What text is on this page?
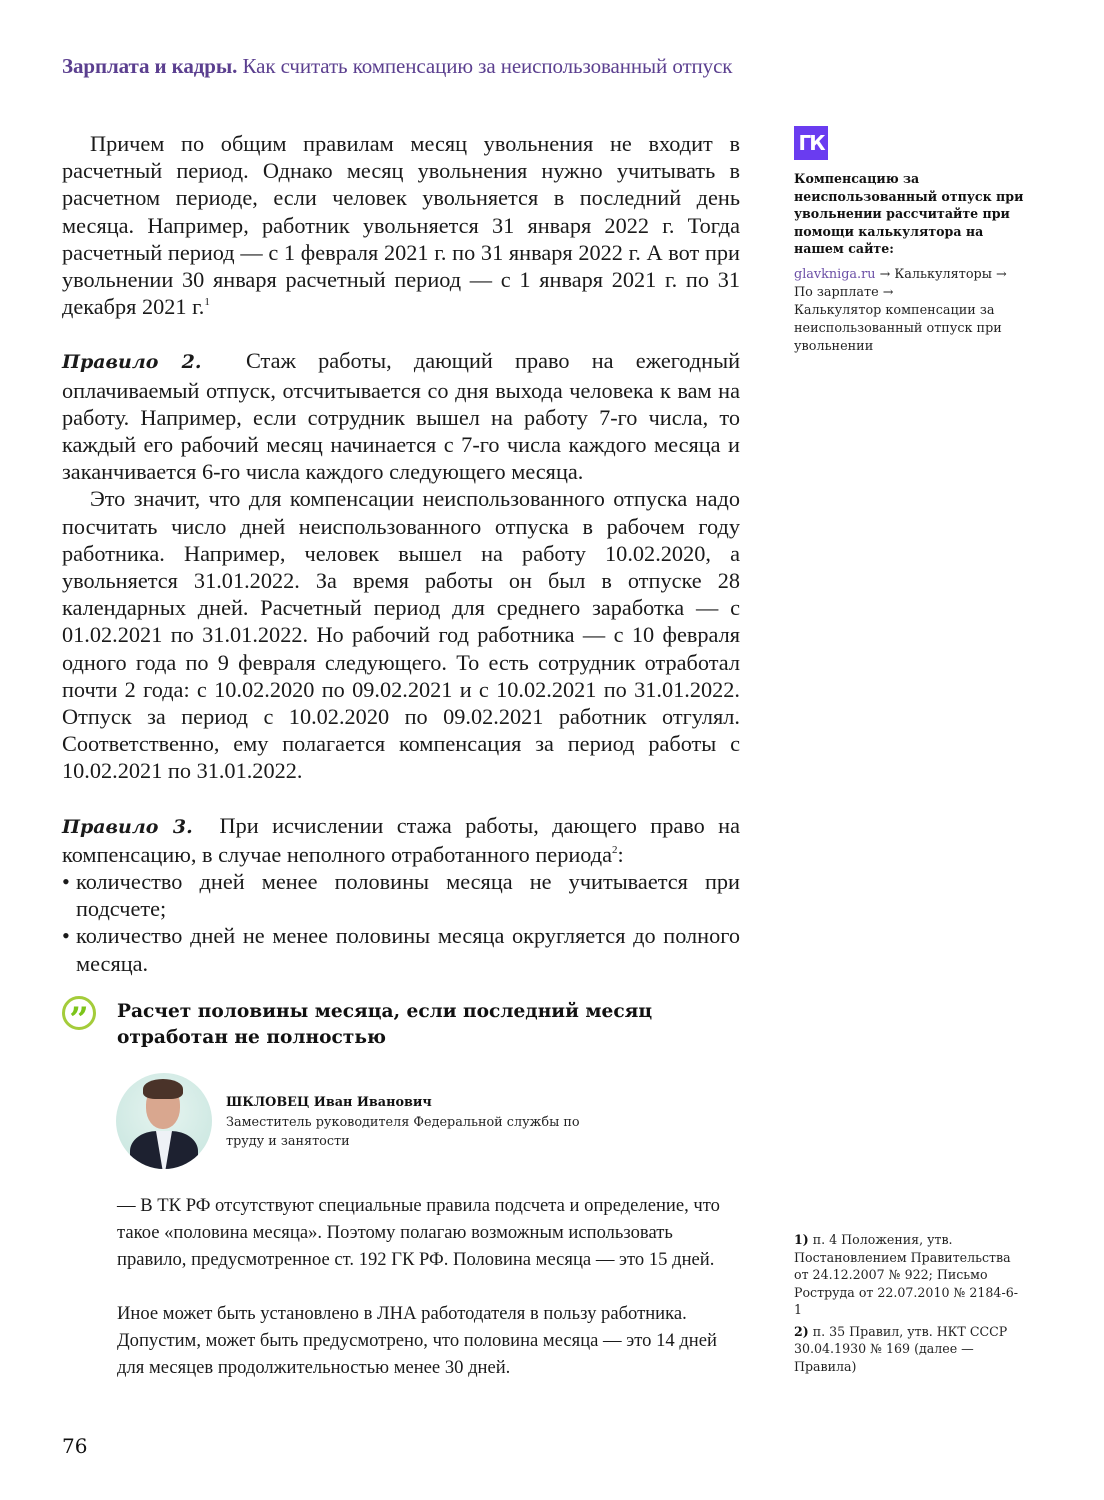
Зарплата и кадры. Как считать компенсацию за неиспользованный отпуск

Причем по общим правилам месяц увольнения не входит в расчетный период. Однако месяц увольнения нужно учитывать в расчетном периоде, если человек увольняется в последний день месяца. Например, работник увольняется 31 января 2022 г. Тогда расчетный период — с 1 февраля 2021 г. по 31 января 2022 г. А вот при увольнении 30 января расчетный период — с 1 января 2021 г. по 31 декабря 2021 г.$^1$

Правило 2. Стаж работы, дающий право на ежегодный оплачиваемый отпуск, отсчитывается со дня выхода человека к вам на работу. Например, если сотрудник вышел на работу 7-го числа, то каждый его рабочий месяц начинается с 7-го числа каждого месяца и заканчивается 6-го числа каждого следующего месяца.

Это значит, что для компенсации неиспользованного отпуска надо посчитать число дней неиспользованного отпуска в рабочем году работника. Например, человек вышел на работу 10.02.2020, а увольняется 31.01.2022. За время работы он был в отпуске 28 календарных дней. Расчетный период для среднего заработка — с 01.02.2021 по 31.01.2022. Но рабочий год работника — с 10 февраля одного года по 9 февраля следующего. То есть сотрудник отработал почти 2 года: с 10.02.2020 по 09.02.2021 и с 10.02.2021 по 31.01.2022. Отпуск за период с 10.02.2020 по 09.02.2021 работник отгулял. Соответственно, ему полагается компенсация за период работы с 10.02.2021 по 31.01.2022.

Правило 3. При исчислении стажа работы, дающего право на компенсацию, в случае неполного отработанного периода$^2$:

• количество дней менее половины месяца не учитывается при подсчете;
• количество дней не менее половины месяца округляется до полного месяца.
ГК
Компенсацию за неиспользованный отпуск при увольнении рассчитайте при помощи калькулятора на нашем сайте:
glavkniga.ru → Калькуляторы →
По зарплате → Калькулятор компенсации за неиспользованный отпуск при увольнении
”	Расчет половины месяца, если последний месяц отработан не полностью
ШКЛОВЕЦ Иван Иванович
Заместитель руководителя Федеральной службы по труду и занятости

— В ТК РФ отсутствуют специальные правила подсчета и определение, что такое «половина месяца». Поэтому полагаю возможным использовать правило, предусмотренное ст. 192 ГК РФ. Половина месяца — это 15 дней.

Иное может быть установлено в ЛНА работодателя в пользу работника. Допустим, может быть предусмотрено, что половина месяца — это 14 дней для месяцев продолжительностью менее 30 дней.

1) п. 4 Положения, утв. Постановлением Правительства от 24.12.2007 № 922; Письмо Роструда от 22.07.2010 № 2184-6-1
2) п. 35 Правил, утв. НКТ СССР 30.04.1930 № 169 (далее — Правила)
76
